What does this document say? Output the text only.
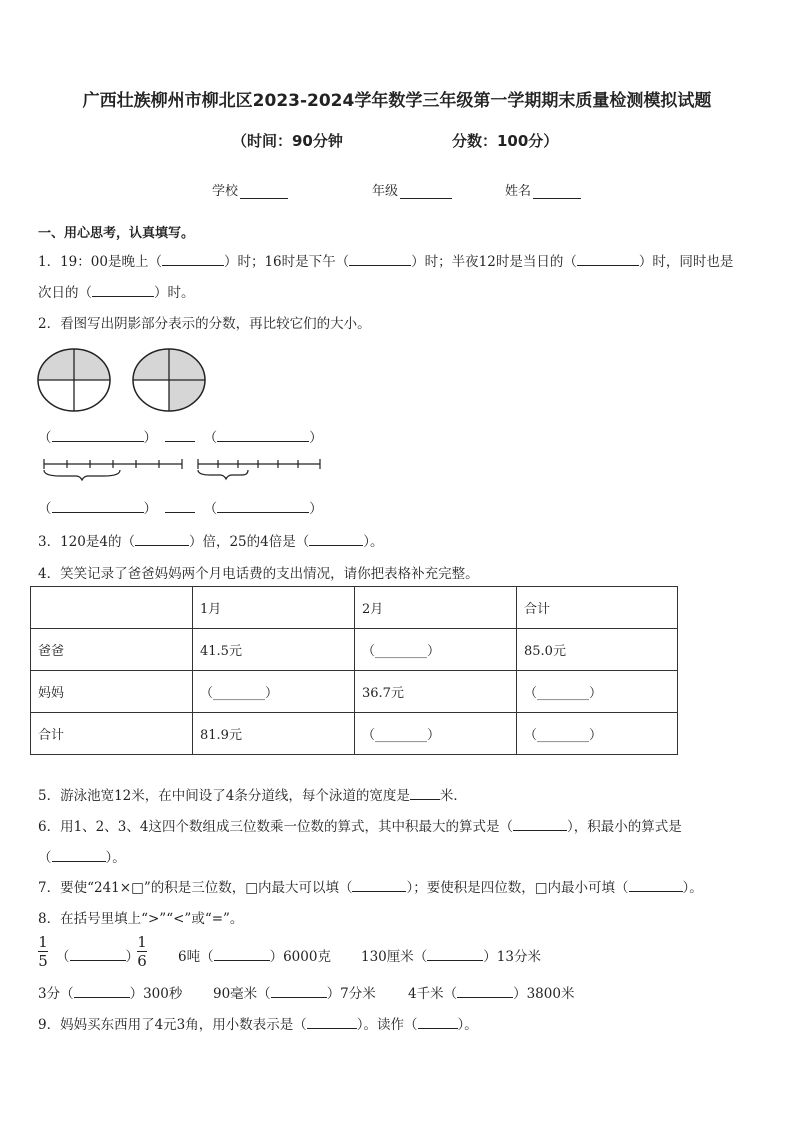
广西壮族柳州市柳北区2023-2024学年数学三年级第一学期期末质量检测模拟试题
（时间：90分钟	分数：100分）
学校	年级	姓名
一、用心思考，认真填写。
1．19：00是晚上（	）时；16时是下午（	）时；半夜12时是当日的（	）时，同时也是
次日的（	）时。
2．看图写出阴影部分表示的分数，再比较它们的大小。
（	）	（	）
（	）	（	）
3．120是4的（	）倍，25的4倍是（	）。
4．笑笑记录了爸爸妈妈两个月电话费的支出情况，请你把表格补充完整。
	1月	2月	合计
爸爸	41.5元	（________）	85.0元
妈妈	（________）	36.7元	（________）
合计	81.9元	（________）	（________）
5．游泳池宽12米，在中间设了4条分道线，每个泳道的宽度是 米．
6．用1、2、3、4这四个数组成三位数乘一位数的算式，其中积最大的算式是（	），积最小的算式是
（	）。
7．要使“241×□”的积是三位数，□内最大可以填（	）；要使积是四位数，□内最小可填（	）。
8．在括号里填上“>”“<”或“=”。
1
5 （	）
1
6 6吨（	）6000克 130厘米（	）13分米
3分（	）300秒 90毫米（	）7分米 4千米（	）3800米
9．妈妈买东西用了4元3角，用小数表示是（	）。读作（	）。
